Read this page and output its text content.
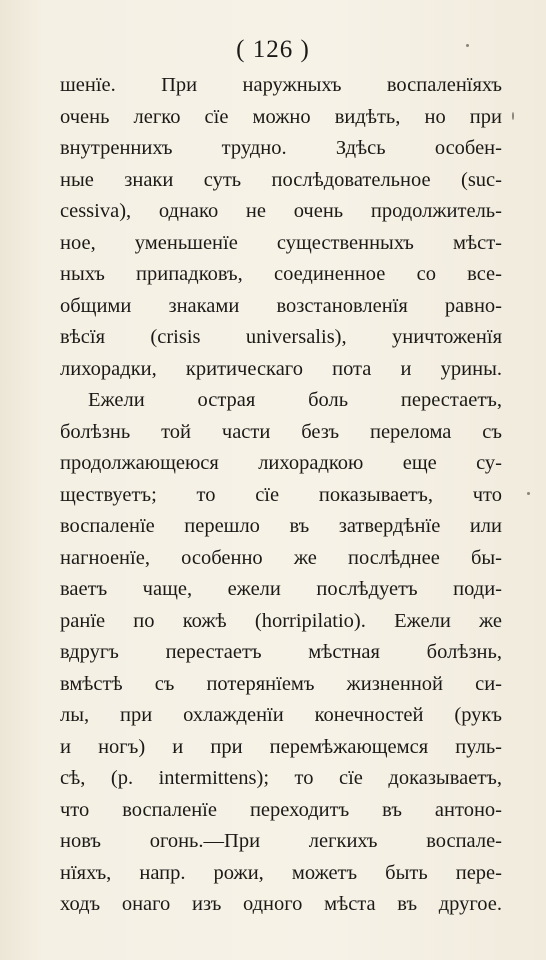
( 126 )
шенїе. При наружныхъ воспаленїяхъ
очень легко сїе можно видѣть, но при
внутреннихъ трудно. Здѣсь особен-
ные знаки суть послѣдовательное (suc-
cessiva), однако не очень продолжитель-
ное, уменьшенїе существенныхъ мѣст-
ныхъ припадковъ, соединенное со все-
общими знаками возстановленїя равно-
вѣсїя (crisis universalis), уничтоженїя
лихорадки, критическаго пота и урины.
Ежели острая боль перестаетъ,
болѣзнь той части безъ перелома съ
продолжающеюся лихорадкою еще су-
ществуетъ; то сїе показываетъ, что
воспаленїе перешло въ затвердѣнїе или
нагноенїе, особенно же послѣднее бы-
ваетъ чаще, ежели послѣдуетъ поди-
ранїе по кожѣ (horripilatio). Ежели же
вдругъ перестаетъ мѣстная болѣзнь,
вмѣстѣ съ потерянїемъ жизненной си-
лы, при охлажденїи конечностей (рукъ
и ногъ) и при перемѣжающемся пуль-
сѣ, (p. intermittens); то сїе доказываетъ,
что воспаленїе переходитъ въ антоно-
новъ огонь.—При легкихъ воспале-
нїяхъ, напр. рожи, можетъ быть пере-
ходъ онаго изъ одного мѣста въ другое.
